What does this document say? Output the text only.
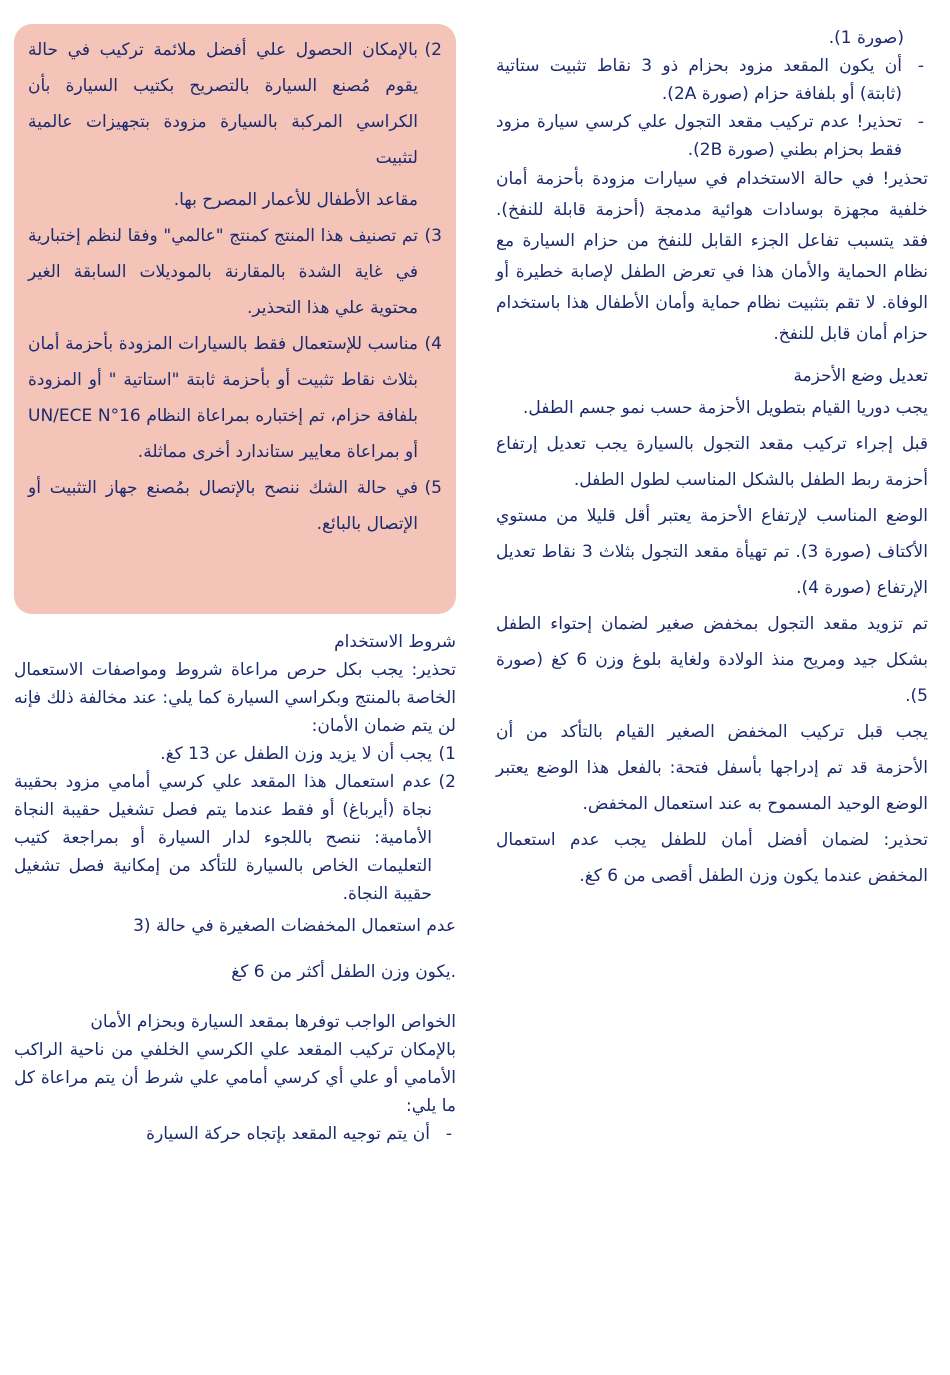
(صورة 1).

-

أن يكون المقعد مزود بحزام ذو 3 نقاط تثبيت ستاتية (ثابتة) أو بلفافة حزام (صورة 2A).

-

تحذير! عدم تركيب مقعد التجول علي كرسي سيارة مزود فقط بحزام بطني (صورة 2B).

تحذير! في حالة الاستخدام في سيارات مزودة بأحزمة أمان خلفية مجهزة بوسادات هوائية مدمجة (أحزمة قابلة للنفخ). فقد يتسبب تفاعل الجزء القابل للنفخ من حزام السيارة مع نظام الحماية والأمان هذا في تعرض الطفل لإصابة خطيرة أو الوفاة. لا تقم بتثبيت نظام حماية وأمان الأطفال هذا باستخدام حزام أمان قابل للنفخ.

تعديل وضع الأحزمة

يجب دوريا القيام بتطويل الأحزمة حسب نمو جسم الطفل.

قبل إجراء تركيب مقعد التجول بالسيارة يجب تعديل إرتفاع أحزمة ربط الطفل بالشكل المناسب لطول الطفل.

الوضع المناسب لإرتفاع الأحزمة يعتبر أقل قليلا من مستوي الأكتاف (صورة 3). تم تهيأة مقعد التجول بثلاث 3 نقاط تعديل الإرتفاع (صورة 4).

تم تزويد مقعد التجول بمخفض صغير لضمان إحتواء الطفل بشكل جيد ومريح منذ الولادة ولغاية بلوغ وزن 6 كغ (صورة 5).

يجب قبل تركيب المخفض الصغير القيام بالتأكد من أن الأحزمة قد تم إدراجها بأسفل فتحة: بالفعل هذا الوضع يعتبر الوضع الوحيد المسموح به عند استعمال المخفض.

تحذير: لضمان أفضل أمان للطفل يجب عدم استعمال المخفض عندما يكون وزن الطفل أقصى من 6 كغ.

2)

بالإمكان الحصول علي أفضل ملائمة تركيب في حالة يقوم مُصنع السيارة بالتصريح بكتيب السيارة بأن الكراسي المركبة بالسيارة مزودة بتجهيزات عالمية لتثبيت

مقاعد الأطفال للأعمار المصرح بها.

3)

تم تصنيف هذا المنتج كمنتج "عالمي" وفقا لنظم إختبارية في غاية الشدة بالمقارنة بالموديلات السابقة الغير محتوية علي هذا التحذير.

4)

مناسب للإستعمال فقط بالسيارات المزودة بأحزمة أمان بثلاث نقاط تثبيت أو بأحزمة ثابتة "استاتية " أو المزودة بلفافة حزام، تم إختباره بمراعاة النظام UN/ECE N°16 أو بمراعاة معايير ستاندارد أخرى مماثلة.

5)

في حالة الشك ننصح بالإتصال بمُصنع جهاز التثبيت أو الإتصال بالبائع.

شروط الاستخدام

تحذير: يجب بكل حرص مراعاة شروط ومواصفات الاستعمال الخاصة بالمنتج وبكراسي السيارة كما يلي: عند مخالفة ذلك فإنه لن يتم ضمان الأمان:

1)

يجب أن لا يزيد وزن الطفل عن 13 كغ.

2)

عدم استعمال هذا المقعد علي كرسي أمامي مزود بحقيبة نجاة (أيرباغ) أو فقط عندما يتم فصل تشغيل حقيبة النجاة الأمامية: ننصح باللجوء لدار السيارة أو بمراجعة كتيب التعليمات الخاص بالسيارة للتأكد من إمكانية فصل تشغيل حقيبة النجاة.

عدم استعمال المخفضات الصغيرة في حالة (3

.يكون وزن الطفل أكثر من 6 كغ

الخواص الواجب توفرها بمقعد السيارة وبحزام الأمان

بالإمكان تركيب المقعد علي الكرسي الخلفي من ناحية الراكب الأمامي أو علي أي كرسي أمامي علي شرط أن يتم مراعاة كل ما يلي:

-

أن يتم توجيه المقعد بإتجاه حركة السيارة
